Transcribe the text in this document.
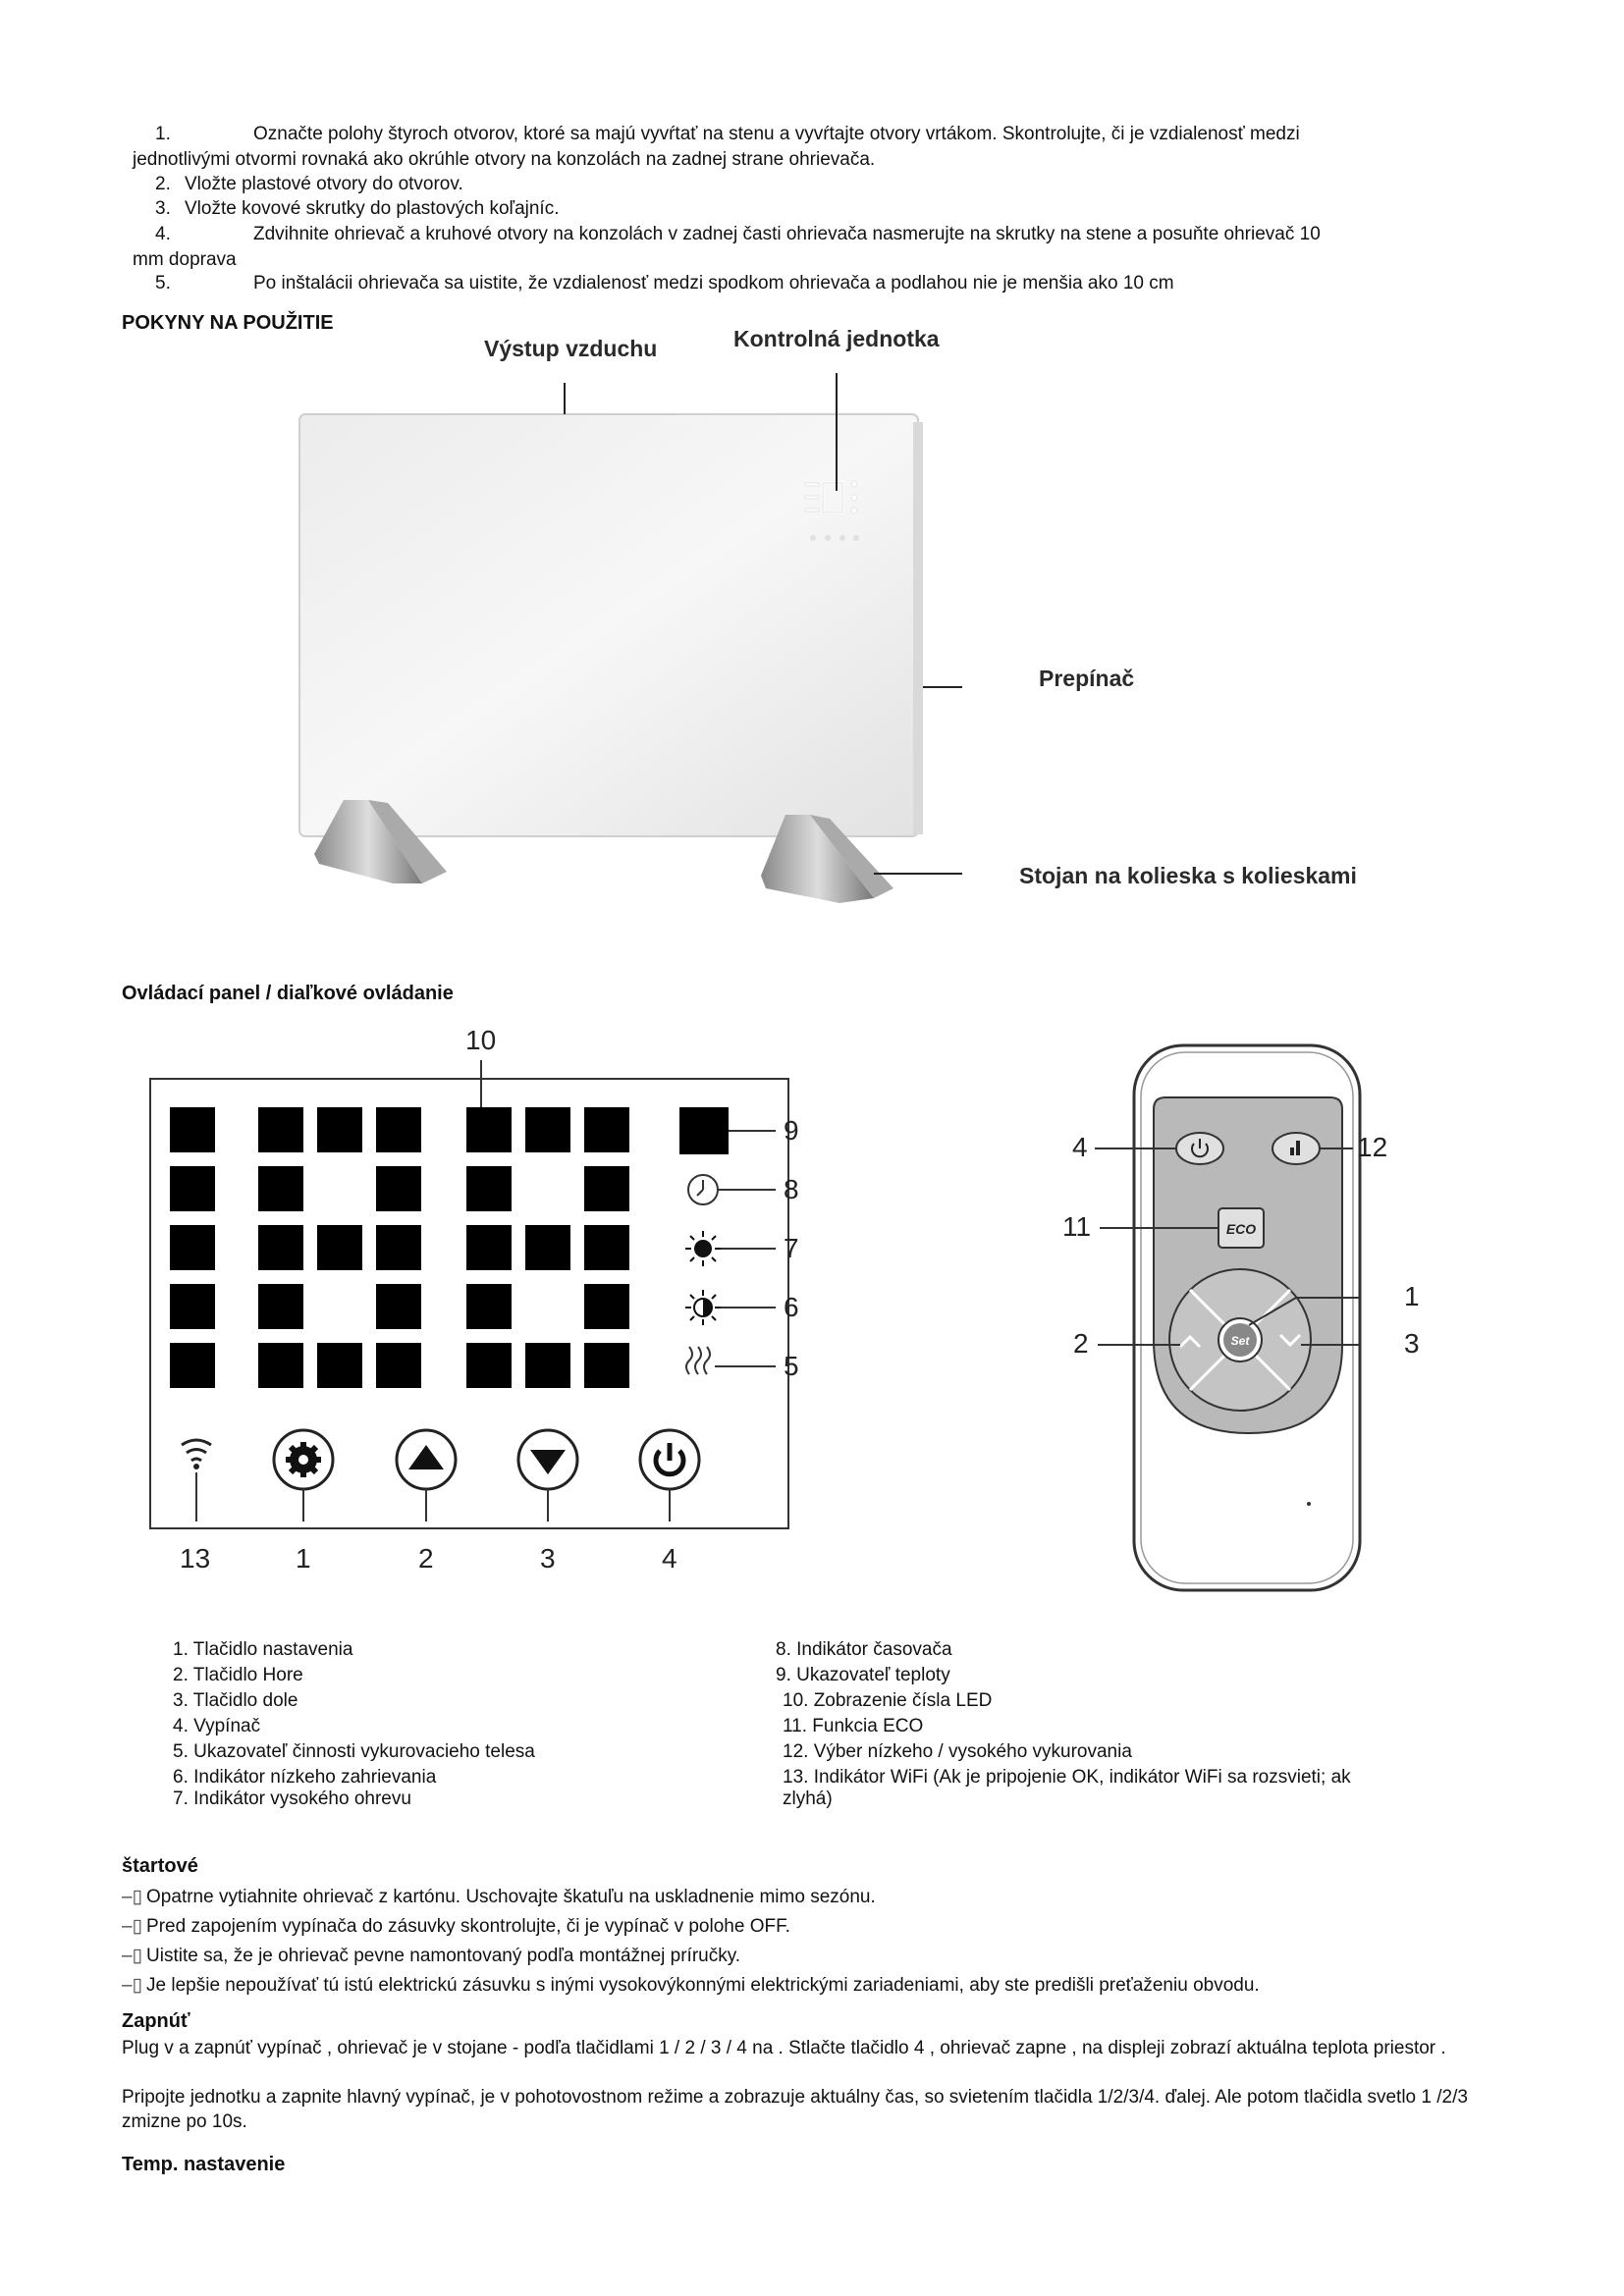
1.	Označte polohy štyroch otvorov, ktoré sa majú vyvŕtať na stenu a vyvŕtajte otvory vrtákom. Skontrolujte, či je vzdialenosť medzi
jednotlivými otvormi rovnaká ako okrúhle otvory na konzolách na zadnej strane ohrievača.
2. Vložte plastové otvory do otvorov.
3. Vložte kovové skrutky do plastových koľajníc.
4.	Zdvihnite ohrievač a kruhové otvory na konzolách v zadnej časti ohrievača nasmerujte na skrutky na stene a posuňte ohrievač 10
mm doprava
5.	Po inštalácii ohrievača sa uistite, že vzdialenosť medzi spodkom ohrievača a podlahou nie je menšia ako 10 cm
POKYNY NA POUŽITIE
Výstup vzduchu	Kontrolná jednotka
Prepínač
Stojan na kolieska s kolieskami
Ovládací panel / diaľkové ovládanie
10
9
8
7
6
5
13	1	2	3	4
ECO
Set
4	12
11
1
2	3
1. Tlačidlo nastavenia
2. Tlačidlo Hore
3. Tlačidlo dole
4. Vypínač
5. Ukazovateľ činnosti vykurovacieho telesa
6. Indikátor nízkeho zahrievania
7. Indikátor vysokého ohrevu
8. Indikátor časovača
9. Ukazovateľ teploty
10. Zobrazenie čísla LED
11. Funkcia ECO
12. Výber nízkeho / vysokého vykurovania
13. Indikátor WiFi (Ak je pripojenie OK, indikátor WiFi sa rozsvieti; ak
zlyhá)
štartové
–▯ Opatrne vytiahnite ohrievač z kartónu. Uschovajte škatuľu na uskladnenie mimo sezónu.
–▯ Pred zapojením vypínača do zásuvky skontrolujte, či je vypínač v polohe OFF.
–▯ Uistite sa, že je ohrievač pevne namontovaný podľa montážnej príručky.
–▯ Je lepšie nepoužívať tú istú elektrickú zásuvku s inými vysokovýkonnými elektrickými zariadeniami, aby ste predišli preťaženiu obvodu.
Zapnúť
Plug v a zapnúť vypínač , ohrievač je v stojane - podľa tlačidlami 1 / 2 / 3 / 4 na . Stlačte tlačidlo 4 , ohrievač zapne , na displeji zobrazí aktuálna teplota priestor .
Pripojte jednotku a zapnite hlavný vypínač, je v pohotovostnom režime a zobrazuje aktuálny čas, so svietením tlačidla 1/2/3/4. ďalej. Ale potom tlačidla svetlo 1 /2/3 zmizne po 10s.
Temp. nastavenie
